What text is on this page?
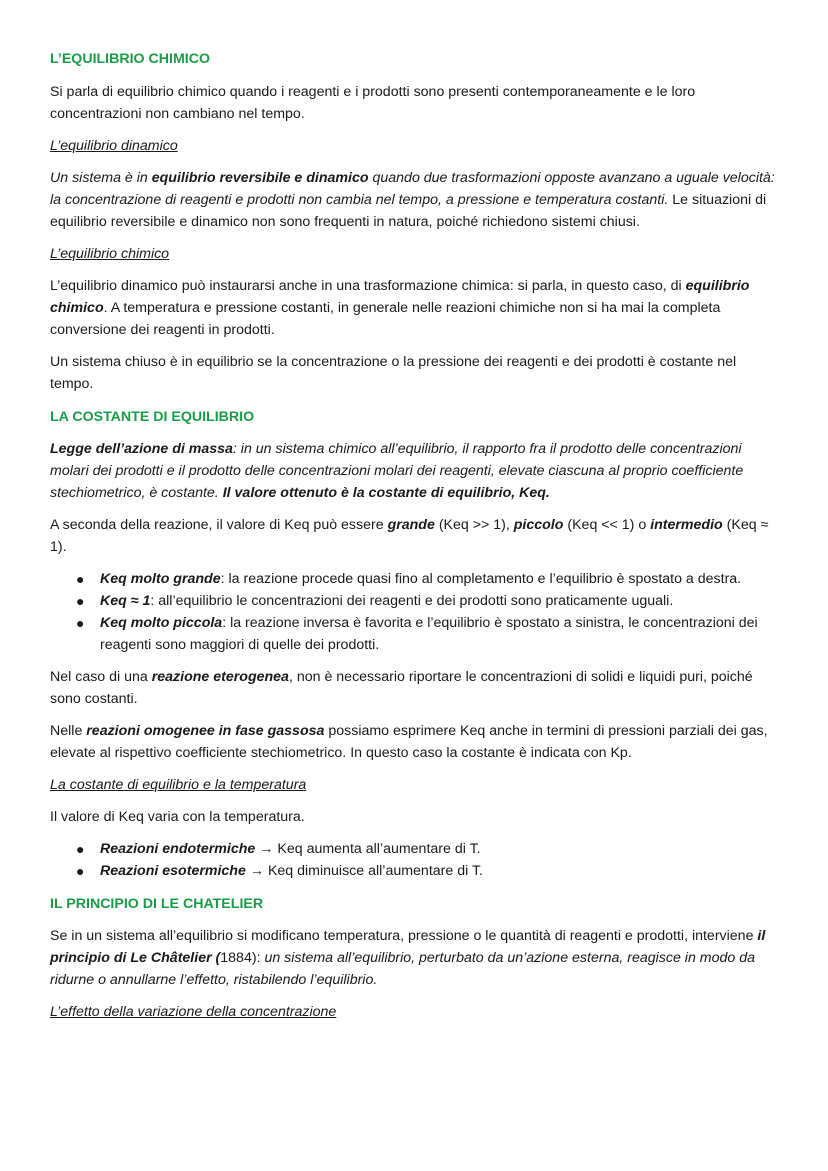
L’EQUILIBRIO CHIMICO

Si parla di equilibrio chimico quando i reagenti e i prodotti sono presenti contemporaneamente e le loro concentrazioni non cambiano nel tempo.

L’equilibrio dinamico

Un sistema è in equilibrio reversibile e dinamico quando due trasformazioni opposte avanzano a uguale velocità: la concentrazione di reagenti e prodotti non cambia nel tempo, a pressione e temperatura costanti. Le situazioni di equilibrio reversibile e dinamico non sono frequenti in natura, poiché richiedono sistemi chiusi.

L’equilibrio chimico

L’equilibrio dinamico può instaurarsi anche in una trasformazione chimica: si parla, in questo caso, di equilibrio chimico. A temperatura e pressione costanti, in generale nelle reazioni chimiche non si ha mai la completa conversione dei reagenti in prodotti.

Un sistema chiuso è in equilibrio se la concentrazione o la pressione dei reagenti e dei prodotti è costante nel tempo.

LA COSTANTE DI EQUILIBRIO

Legge dell’azione di massa: in un sistema chimico all’equilibrio, il rapporto fra il prodotto delle concentrazioni molari dei prodotti e il prodotto delle concentrazioni molari dei reagenti, elevate ciascuna al proprio coefficiente stechiometrico, è costante. Il valore ottenuto è la costante di equilibrio, Keq.

A seconda della reazione, il valore di Keq può essere grande (Keq >> 1), piccolo (Keq << 1) o intermedio (Keq ≈ 1).

● Keq molto grande: la reazione procede quasi fino al completamento e l’equilibrio è spostato a destra.
● Keq ≈ 1: all’equilibrio le concentrazioni dei reagenti e dei prodotti sono praticamente uguali.
● Keq molto piccola: la reazione inversa è favorita e l’equilibrio è spostato a sinistra, le concentrazioni dei reagenti sono maggiori di quelle dei prodotti.

Nel caso di una reazione eterogenea, non è necessario riportare le concentrazioni di solidi e liquidi puri, poiché sono costanti.

Nelle reazioni omogenee in fase gassosa possiamo esprimere Keq anche in termini di pressioni parziali dei gas, elevate al rispettivo coefficiente stechiometrico. In questo caso la costante è indicata con Kp.

La costante di equilibrio e la temperatura

Il valore di Keq varia con la temperatura.

● Reazioni endotermiche → Keq aumenta all’aumentare di T.
● Reazioni esotermiche → Keq diminuisce all’aumentare di T.
IL PRINCIPIO DI LE CHATELIER

Se in un sistema all’equilibrio si modificano temperatura, pressione o le quantità di reagenti e prodotti, interviene il principio di Le Châtelier (1884): un sistema all’equilibrio, perturbato da un’azione esterna, reagisce in modo da ridurne o annullarne l’effetto, ristabilendo l’equilibrio.

L’effetto della variazione della concentrazione
